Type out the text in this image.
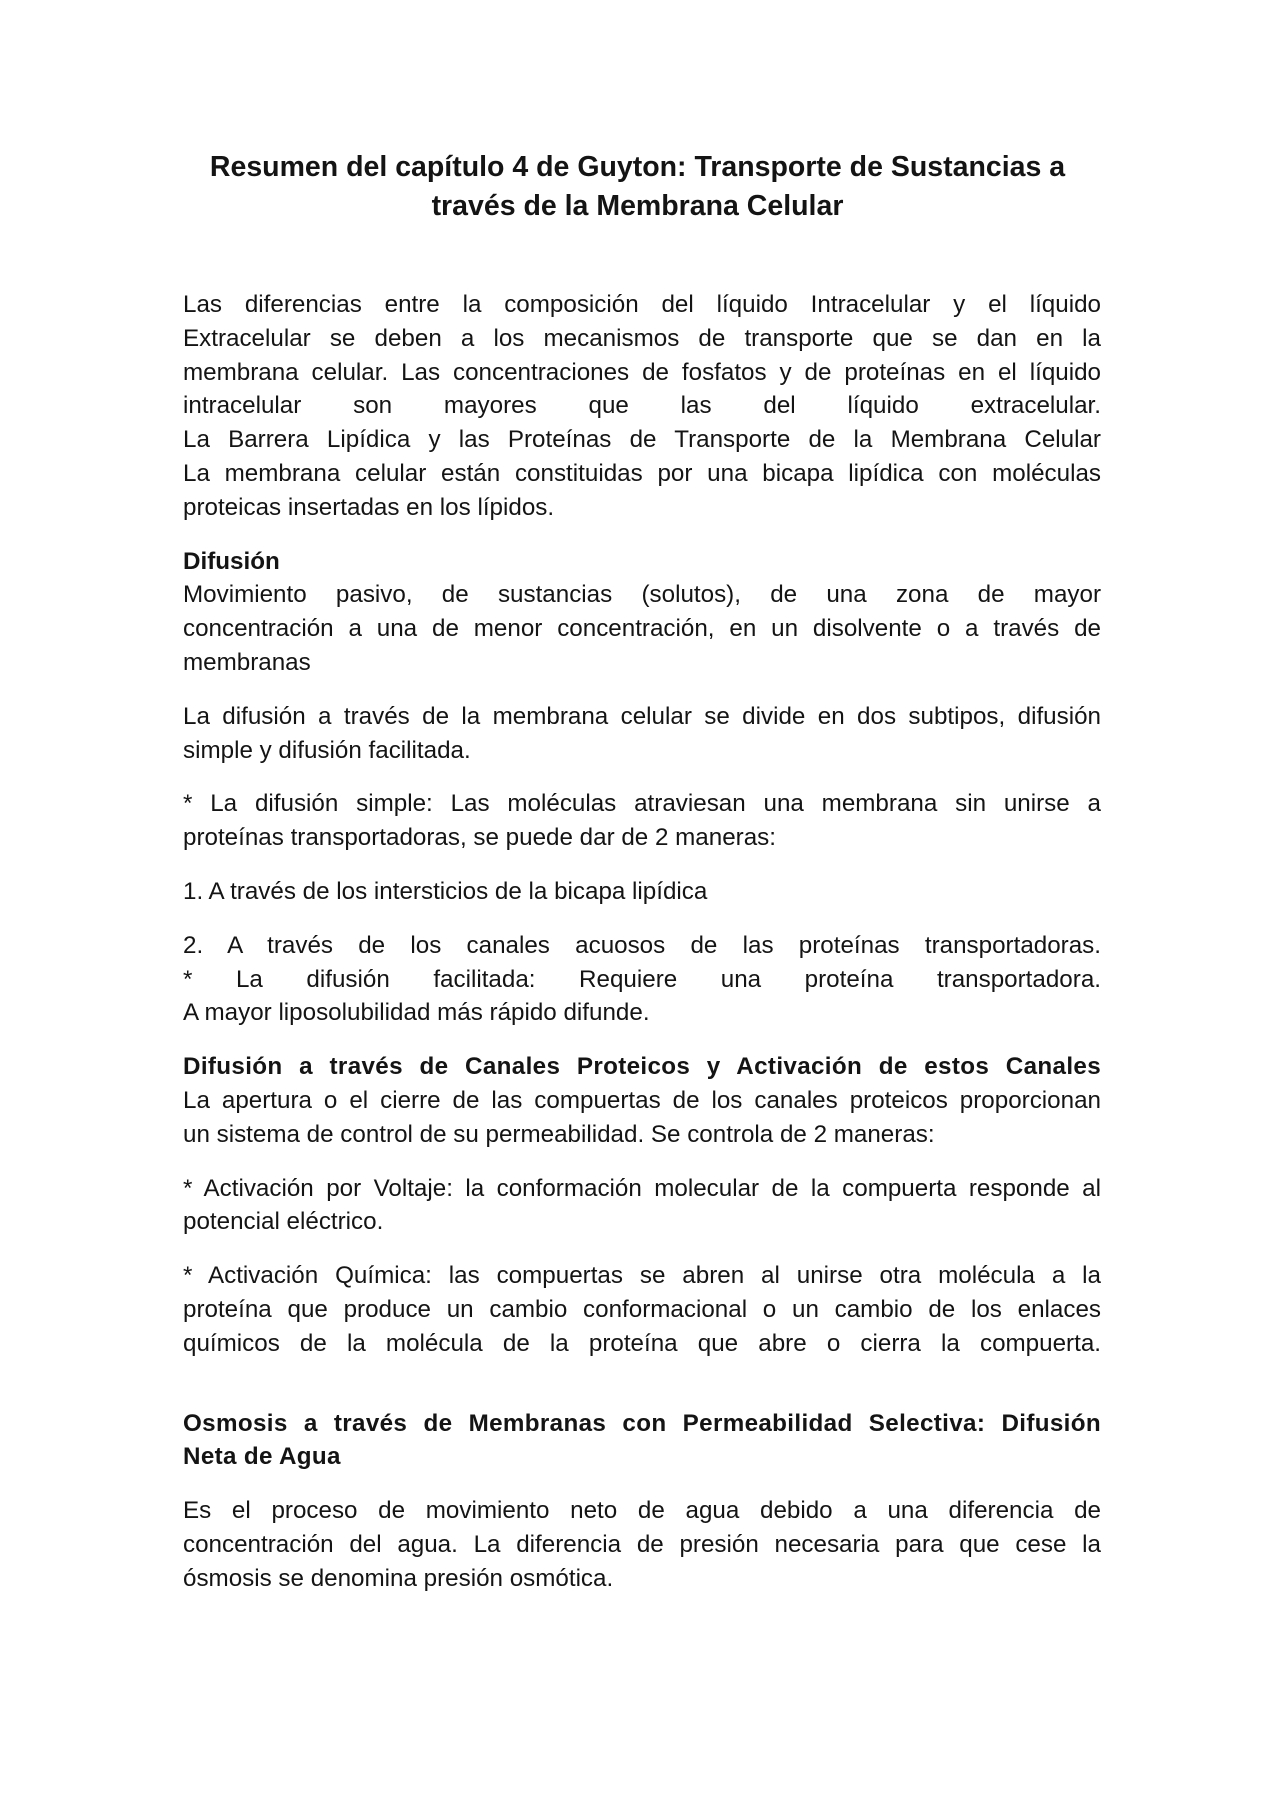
Resumen del capítulo 4 de Guyton: Transporte de Sustancias a
través de la Membrana Celular
Las diferencias entre la composición del líquido Intracelular y el líquido
Extracelular se deben a los mecanismos de transporte que se dan en la
membrana celular. Las concentraciones de fosfatos y de proteínas en el líquido
intracelular son mayores que las del líquido extracelular.
La Barrera Lipídica y las Proteínas de Transporte de la Membrana Celular
La membrana celular están constituidas por una bicapa lipídica con moléculas
proteicas insertadas en los lípidos.
Difusión
Movimiento pasivo, de sustancias (solutos), de una zona de mayor
concentración a una de menor concentración, en un disolvente o a través de
membranas
La difusión a través de la membrana celular se divide en dos subtipos, difusión
simple y difusión facilitada.
* La difusión simple: Las moléculas atraviesan una membrana sin unirse a
proteínas transportadoras, se puede dar de 2 maneras:
1. A través de los intersticios de la bicapa lipídica
2. A través de los canales acuosos de las proteínas transportadoras.
* La difusión facilitada: Requiere una proteína transportadora.
A mayor liposolubilidad más rápido difunde.
Difusión a través de Canales Proteicos y Activación de estos Canales
La apertura o el cierre de las compuertas de los canales proteicos proporcionan
un sistema de control de su permeabilidad. Se controla de 2 maneras:
* Activación por Voltaje: la conformación molecular de la compuerta responde al
potencial eléctrico.
* Activación Química: las compuertas se abren al unirse otra molécula a la
proteína que produce un cambio conformacional o un cambio de los enlaces
químicos de la molécula de la proteína que abre o cierra la compuerta.
Osmosis a través de Membranas con Permeabilidad Selectiva: Difusión
Neta de Agua
Es el proceso de movimiento neto de agua debido a una diferencia de
concentración del agua. La diferencia de presión necesaria para que cese la
ósmosis se denomina presión osmótica.
